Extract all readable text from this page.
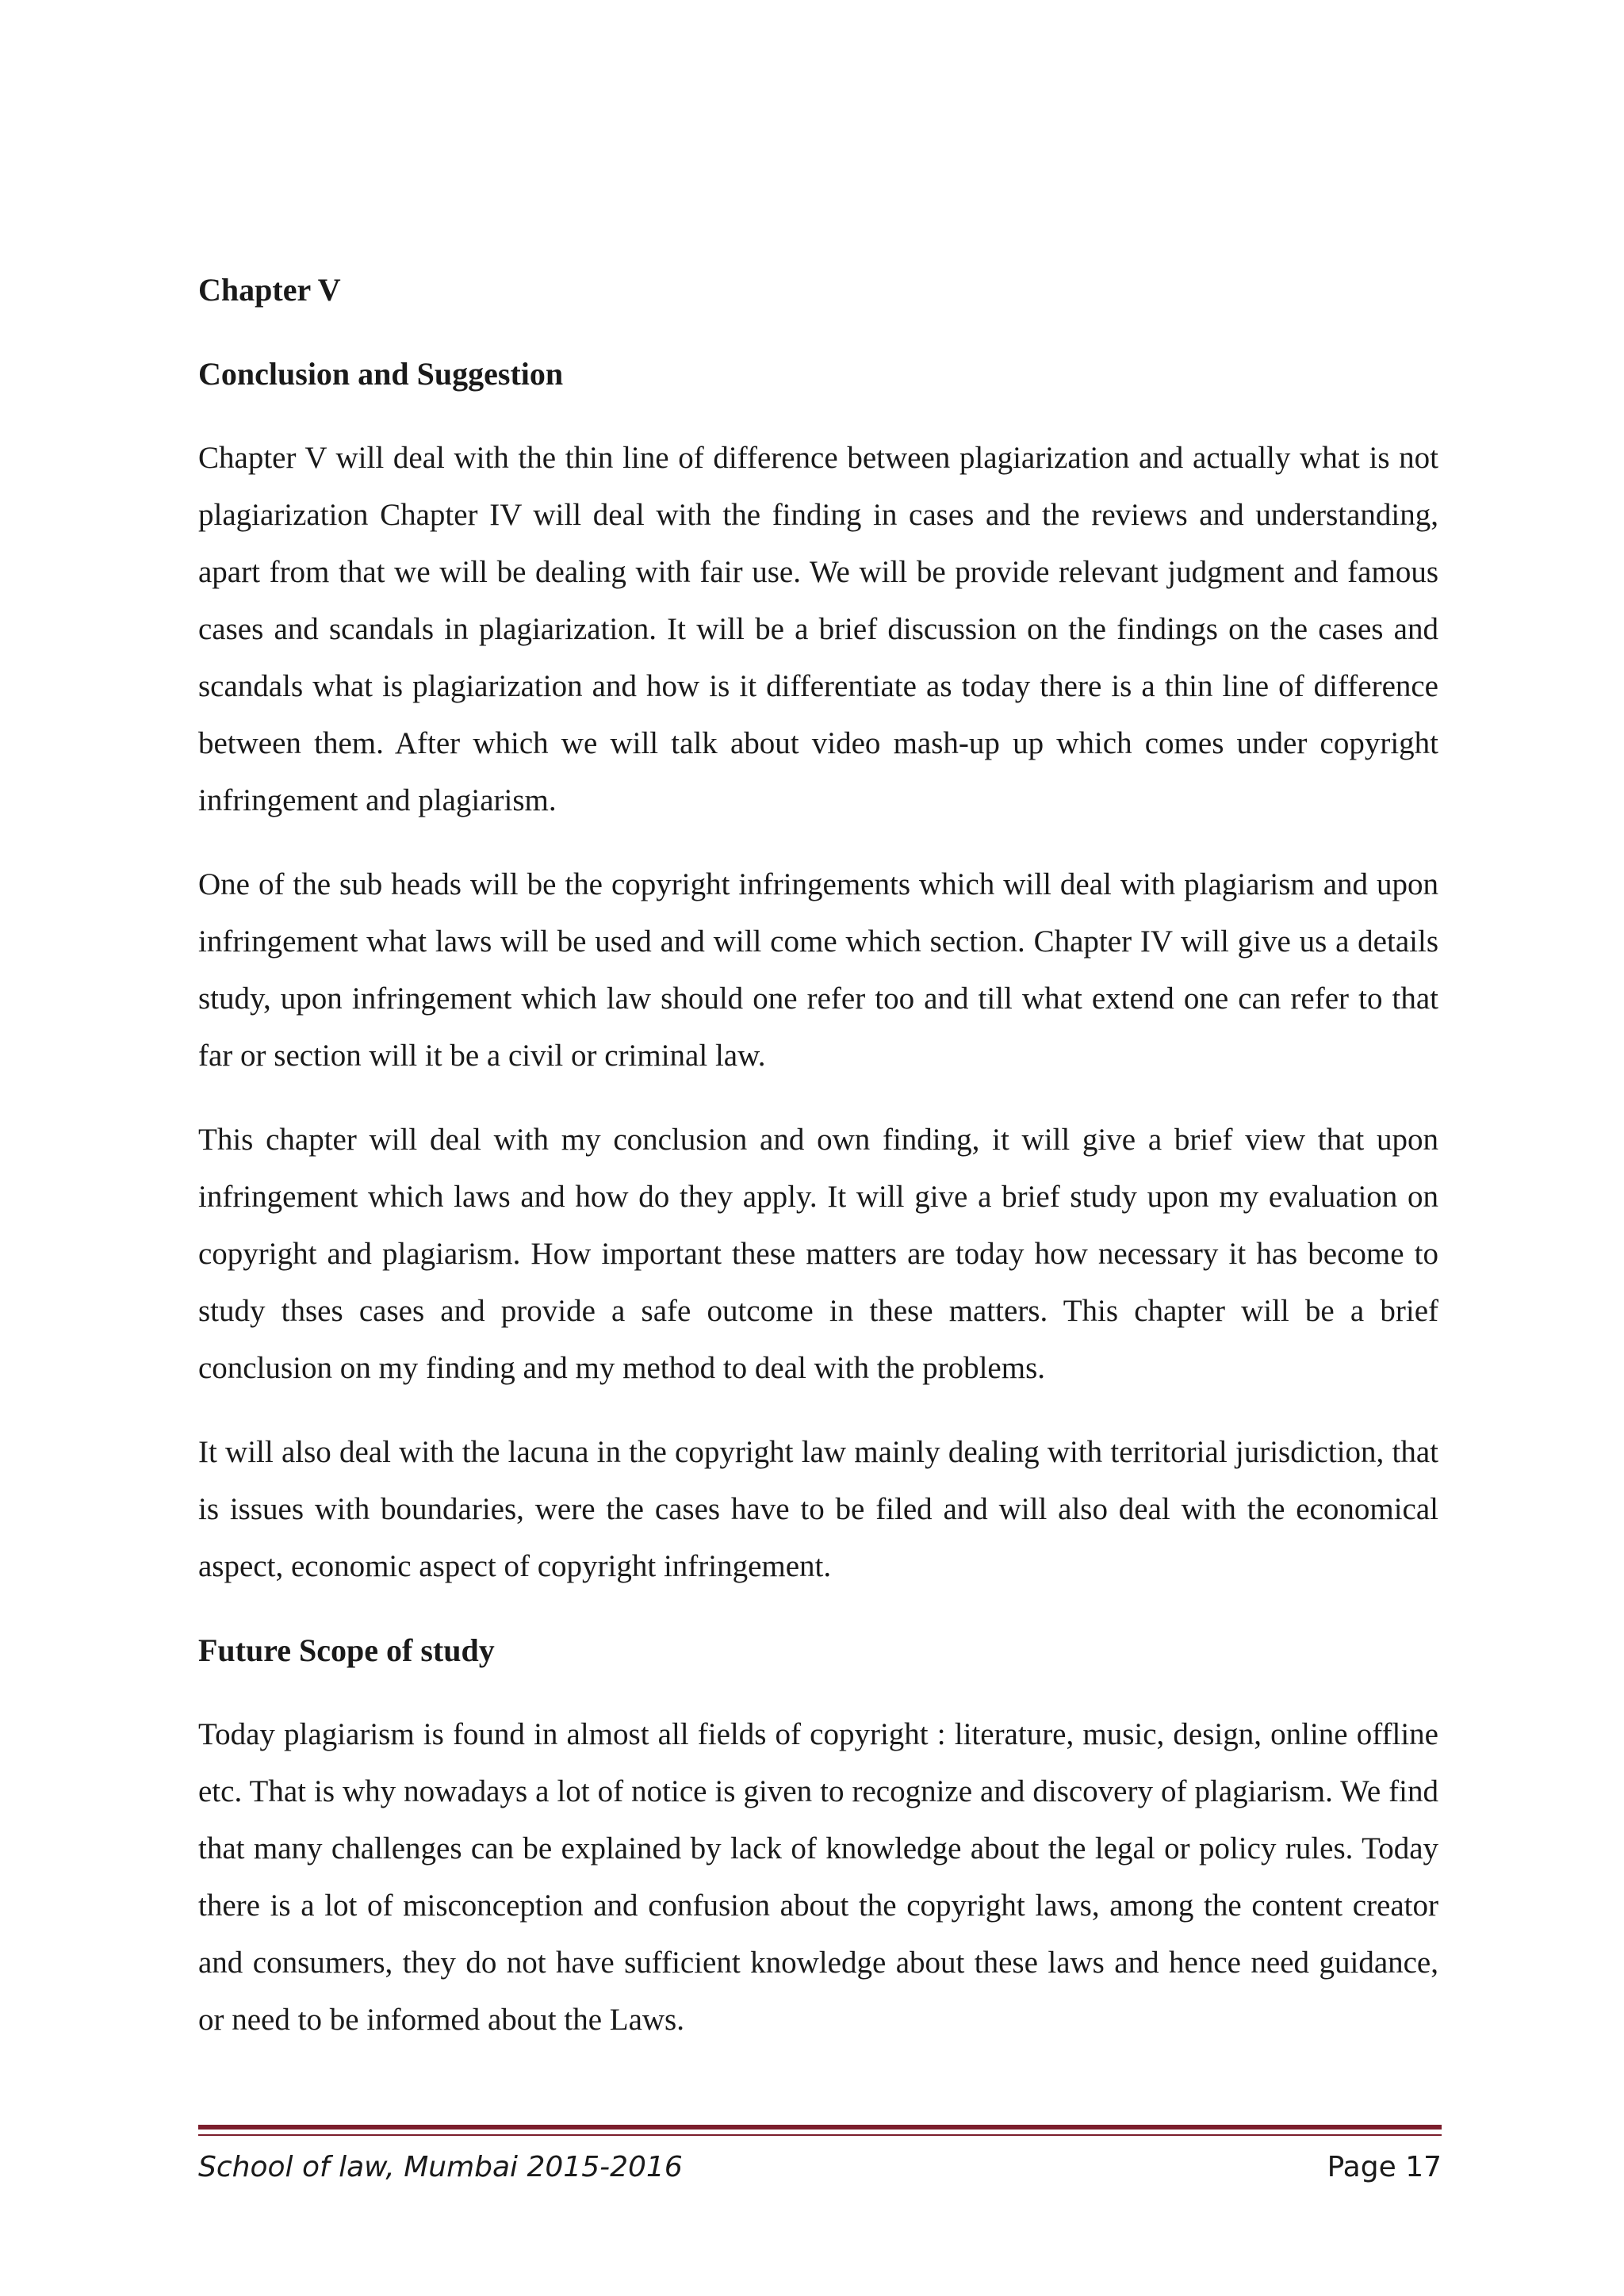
Chapter V
Conclusion and Suggestion

Chapter V will deal with the thin line of difference between plagiarization and actually what is not plagiarization Chapter IV will deal with the finding in cases and the reviews and understanding, apart from that we will be dealing with fair use. We will be provide relevant judgment and famous cases and scandals in plagiarization. It will be a brief discussion on the findings on the cases and scandals what is plagiarization and how is it differentiate as today there is a thin line of difference between them. After which we will talk about video mash-up up which comes under copyright infringement and plagiarism.

One of the sub heads will be the copyright infringements which will deal with plagiarism and upon infringement what laws will be used and will come which section. Chapter IV will give us a details study, upon infringement which law should one refer too and till what extend one can refer to that far or section will it be a civil or criminal law.

This chapter will deal with my conclusion and own finding, it will give a brief view that upon infringement which laws and how do they apply. It will give a brief study upon my evaluation on copyright and plagiarism. How important these matters are today how necessary it has become to study thses cases and provide a safe outcome in these matters. This chapter will be a brief conclusion on my finding and my method to deal with the problems.

It will also deal with the lacuna in the copyright law mainly dealing with territorial jurisdiction, that is issues with boundaries, were the cases have to be filed and will also deal with the economical aspect, economic aspect of copyright infringement.

Future Scope of study

Today plagiarism is found in almost all fields of copyright : literature, music, design, online offline etc. That is why nowadays a lot of notice is given to recognize and discovery of plagiarism. We find that many challenges can be explained by lack of knowledge about the legal or policy rules. Today there is a lot of misconception and confusion about the copyright laws, among the content creator and consumers, they do not have sufficient knowledge about these laws and hence need guidance, or need to be informed about the Laws.

School of law, Mumbai 2015-2016	Page 17
